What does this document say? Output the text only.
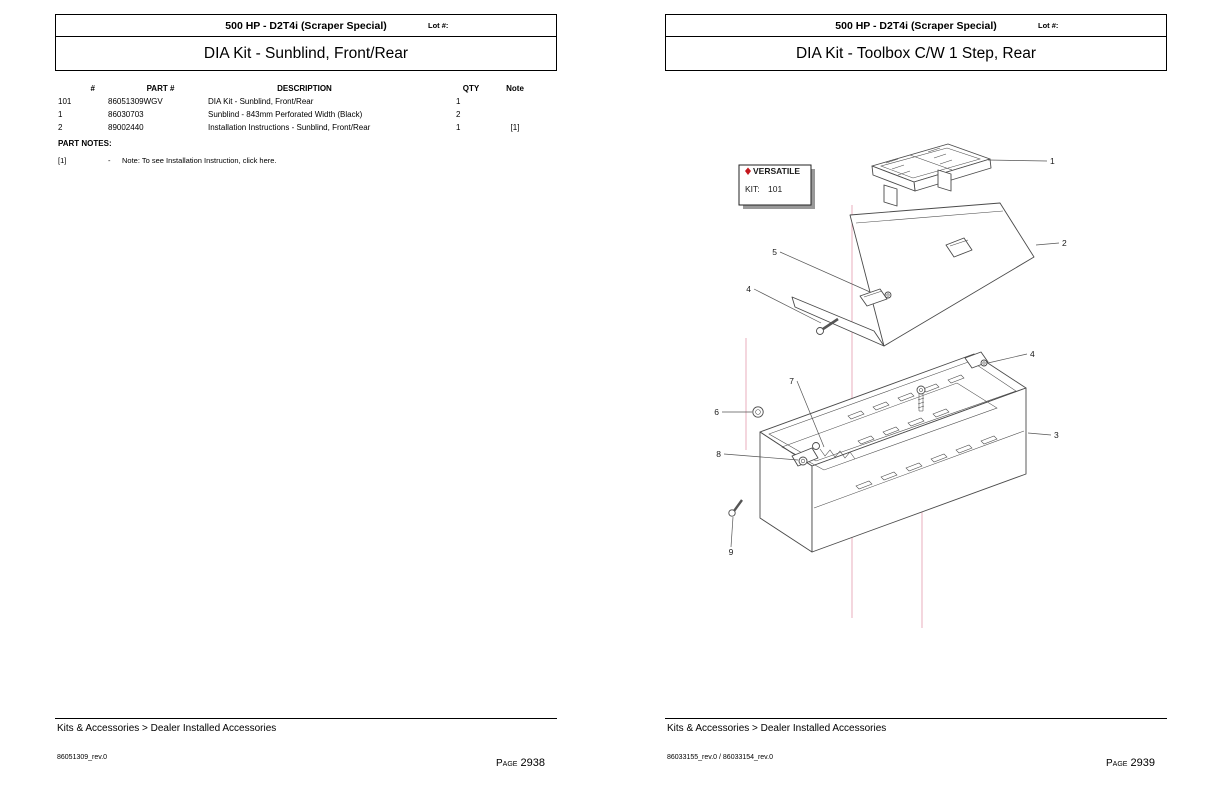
500 HP - D2T4i (Scraper Special)	Lot #:
DIA Kit - Sunblind, Front/Rear
#	PART #	DESCRIPTION	QTY	Note
101	86051309WGV	DIA Kit - Sunblind, Front/Rear	1
1	86030703	Sunblind - 843mm Perforated Width (Black)	2
2	89002440	Installation Instructions - Sunblind, Front/Rear	1	[1]
PART NOTES:
[1]	- Note: To see Installation Instruction, click here.
Kits & Accessories > Dealer Installed Accessories
86051309_rev.0
Page 2938
500 HP - D2T4i (Scraper Special)	Lot #:
DIA Kit - Toolbox C/W 1 Step, Rear
VERSATILE
KIT: 101
1
2
3
4
4
5
6
7
8
9
Kits & Accessories > Dealer Installed Accessories
86033155_rev.0 / 86033154_rev.0
Page 2939
